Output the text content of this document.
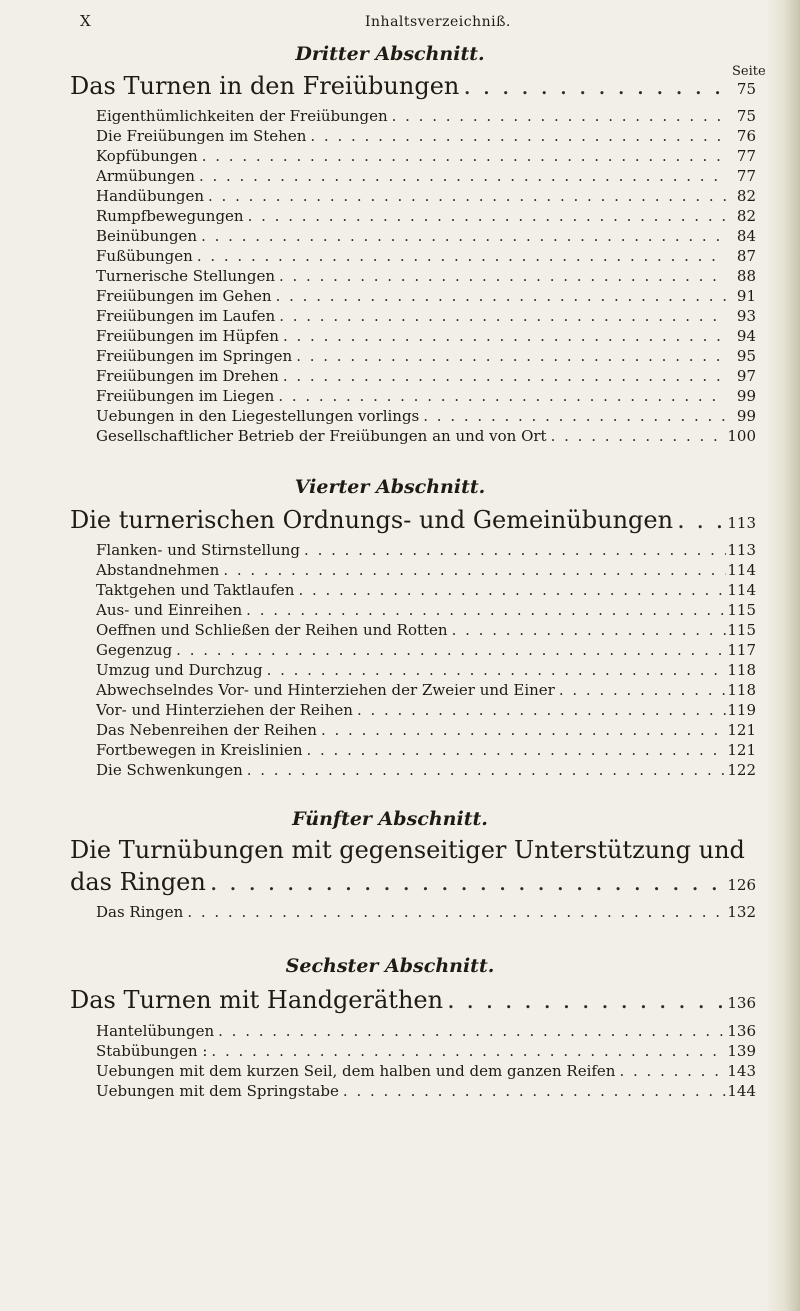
X	Inhaltsverzeichniß.
Dritter Abschnitt.
Seite
Das Turnen in den Freiübungen . . .	75
Eigenthümlichkeiten der Freiübungen . . .	75
Die Freiübungen im Stehen . . .	76
Kopfübungen . . .	77
Armübungen . . .	77
Handübungen . . .	82
Rumpfbewegungen . . .	82
Beinübungen . . .	84
Fußübungen . . .	87
Turnerische Stellungen . . .	88
Freiübungen im Gehen . . .	91
Freiübungen im Laufen . . .	93
Freiübungen im Hüpfen . . .	94
Freiübungen im Springen . . .	95
Freiübungen im Drehen . . .	97
Freiübungen im Liegen . . .	99
Uebungen in den Liegestellungen vorlings . . .	99
Gesellschaftlicher Betrieb der Freiübungen an und von Ort . . .	100
Vierter Abschnitt.
Die turnerischen Ordnungs- und Gemeinübungen . . .	113
Flanken- und Stirnstellung . . .	113
Abstandnehmen . . .	114
Taktgehen und Taktlaufen . . .	114
Aus- und Einreihen . . .	115
Oeffnen und Schließen der Reihen und Rotten . . .	115
Gegenzug . . .	117
Umzug und Durchzug . . .	118
Abwechselndes Vor- und Hinterziehen der Zweier und Einer . . .	118
Vor- und Hinterziehen der Reihen . . .	119
Das Nebenreihen der Reihen . . .	121
Fortbewegen in Kreislinien . . .	121
Die Schwenkungen . . .	122
Fünfter Abschnitt.
Die Turnübungen mit gegenseitiger Unterstützung und
das Ringen . . .	126
Das Ringen . . .	132
Sechster Abschnitt.
Das Turnen mit Handgeräthen . . .	136
Hantelübungen . . .	136
Stabübungen : . . .	139
Uebungen mit dem kurzen Seil, dem halben und dem ganzen Reifen . . .	143
Uebungen mit dem Springstabe . . .	144
